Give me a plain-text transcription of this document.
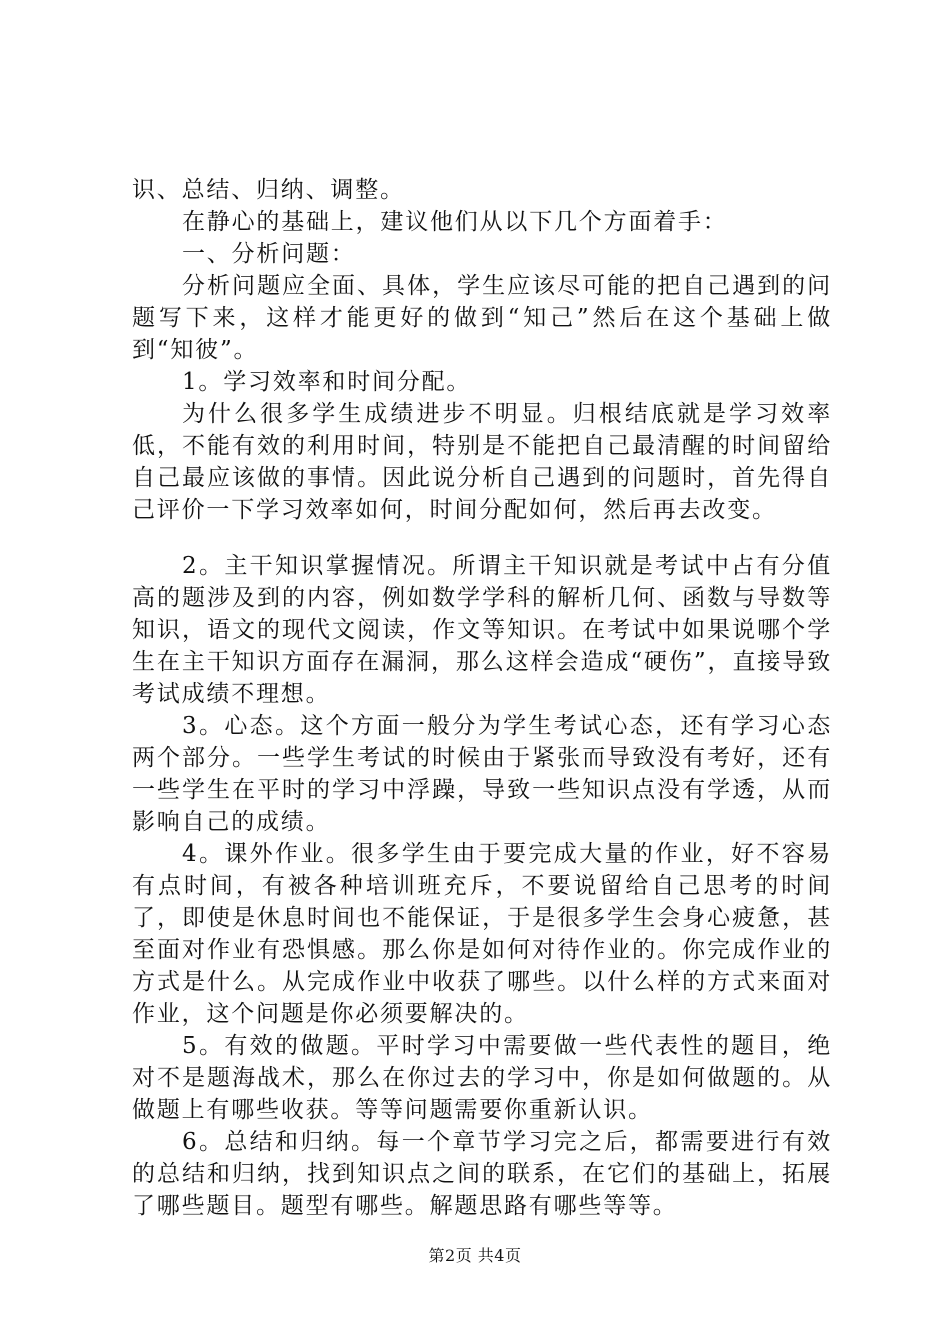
识、总结、归纳、调整。

在静心的基础上，建议他们从以下几个方面着手：

一、分析问题：

分析问题应全面、具体，学生应该尽可能的把自己遇到的问题写下来，这样才能更好的做到“知己”然后在这个基础上做到“知彼”。

1。学习效率和时间分配。

为什么很多学生成绩进步不明显。归根结底就是学习效率低，不能有效的利用时间，特别是不能把自己最清醒的时间留给自己最应该做的事情。因此说分析自己遇到的问题时，首先得自己评价一下学习效率如何，时间分配如何，然后再去改变。

2。主干知识掌握情况。所谓主干知识就是考试中占有分值高的题涉及到的内容，例如数学学科的解析几何、函数与导数等知识，语文的现代文阅读，作文等知识。在考试中如果说哪个学生在主干知识方面存在漏洞，那么这样会造成“硬伤”，直接导致考试成绩不理想。

3。心态。这个方面一般分为学生考试心态，还有学习心态两个部分。一些学生考试的时候由于紧张而导致没有考好，还有一些学生在平时的学习中浮躁，导致一些知识点没有学透，从而影响自己的成绩。

4。课外作业。很多学生由于要完成大量的作业，好不容易有点时间，有被各种培训班充斥，不要说留给自己思考的时间了，即使是休息时间也不能保证，于是很多学生会身心疲惫，甚至面对作业有恐惧感。那么你是如何对待作业的。你完成作业的方式是什么。从完成作业中收获了哪些。以什么样的方式来面对作业，这个问题是你必须要解决的。

5。有效的做题。平时学习中需要做一些代表性的题目，绝对不是题海战术，那么在你过去的学习中，你是如何做题的。从做题上有哪些收获。等等问题需要你重新认识。

6。总结和归纳。每一个章节学习完之后，都需要进行有效的总结和归纳，找到知识点之间的联系，在它们的基础上，拓展了哪些题目。题型有哪些。解题思路有哪些等等。

第2页 共4页
